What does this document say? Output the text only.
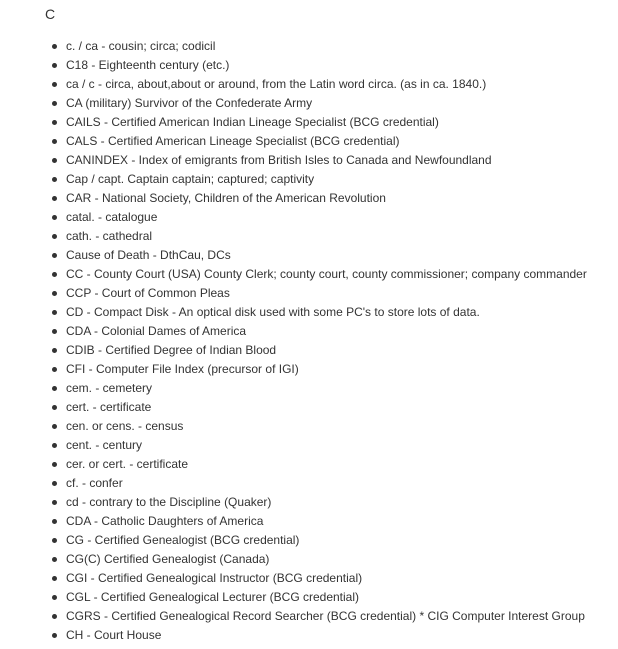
C
c. / ca - cousin; circa; codicil
C18 - Eighteenth century (etc.)
ca / c - circa, about,about or around, from the Latin word circa. (as in ca. 1840.)
CA (military) Survivor of the Confederate Army
CAILS - Certified American Indian Lineage Specialist (BCG credential)
CALS - Certified American Lineage Specialist (BCG credential)
CANINDEX - Index of emigrants from British Isles to Canada and Newfoundland
Cap / capt. Captain captain; captured; captivity
CAR - National Society, Children of the American Revolution
catal. - catalogue
cath. - cathedral
Cause of Death - DthCau, DCs
CC - County Court (USA) County Clerk; county court, county commissioner; company commander
CCP - Court of Common Pleas
CD - Compact Disk - An optical disk used with some PC's to store lots of data.
CDA - Colonial Dames of America
CDIB - Certified Degree of Indian Blood
CFI - Computer File Index (precursor of IGI)
cem. - cemetery
cert. - certificate
cen. or cens. - census
cent. - century
cer. or cert. - certificate
cf. - confer
cd - contrary to the Discipline (Quaker)
CDA - Catholic Daughters of America
CG - Certified Genealogist (BCG credential)
CG(C) Certified Genealogist (Canada)
CGI - Certified Genealogical Instructor (BCG credential)
CGL - Certified Genealogical Lecturer (BCG credential)
CGRS - Certified Genealogical Record Searcher (BCG credential) * CIG Computer Interest Group
CH - Court House
